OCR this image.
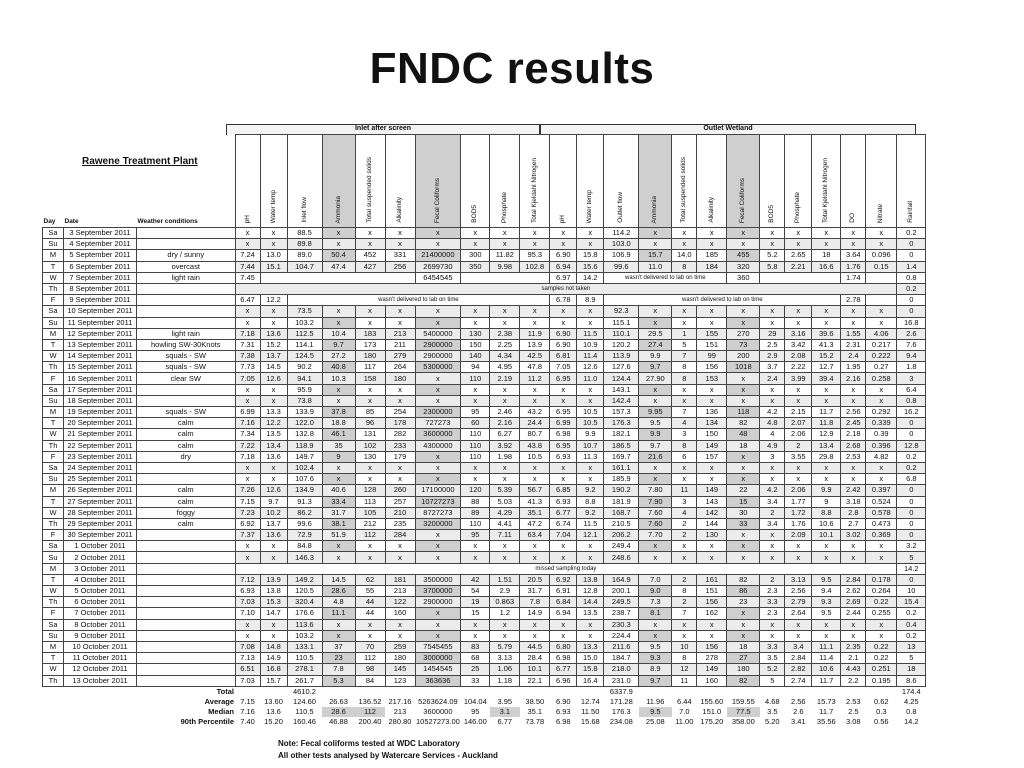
FNDC results
Rawene Treatment Plant
Inlet after screen	Outlet Wetland
Day	Date	Weather conditions	pH	Water temp	Inlet flow	Ammonia	Total suspended solids	Alkalinity	Fecal Coliforms	BOD5	Phosphate	Total Kjeldahl Nitrogen	pH	Water temp	Outlet flow	Ammonia	Total suspended solids	Alkalinity	Fecal Coliforms	BOD5	Phosphate	Total Kjeldahl Nitrogen	DO	Nitrate	Rainfall
Sa	3 September 2011		x	x	88.5	x	x	x	x	x	x	x	x	x	114.2	x	x	x	x	x	x	x	x	x	0.2
Su	4 September 2011		x	x	89.8	x	x	x	x	x	x	x	x	x	103.0	x	x	x	x	x	x	x	x	x	0
M	5 September 2011	dry / sunny	7.24	13.0	89.0	50.4	452	331	21400000	300	11.82	95.3	6.90	15.8	106.9	15.7	14.0	185	455	5.2	2.65	18	3.64	0.096	0
T	6 September 2011	overcast	7.44	15.1	104.7	47.4	427	256	2699730	350	9.98	102.8	6.94	15.6	99.6	11.0	8	184	320	5.8	2.21	16.6	1.76	0.15	1.4
W	7 September 2011	light rain	7.45						6454545				6.97	14.2	wasn't delivered to lab on time				360				1.74		0.8
Th	8 September 2011		samples not taken																						0.2
F	9 September 2011		6.47	12.2	wasn't delivered to lab on time								6.78	8.9	wasn't delivered to lab on time								2.78		0
Sa	10 September 2011		x	x	73.5	x	x	x	x	x	x	x	x	x	92.3	x	x	x	x	x	x	x	x	x	0
Su	11 September 2011		x	x	103.2	x	x	x	x	x	x	x	x	x	115.1	x	x	x	x	x	x	x	x	x	16.8
M	12 September 2011	light rain	7.18	13.6	112.5	10.4	183	213	5400000	130	2.38	11.9	6.90	11.5	110.1	29.5	1	155	270	29	3.16	39.6	1.55	4.06	2.6
T	13 September 2011	howling SW-30Knots	7.31	15.2	114.1	9.7	173	211	2900000	150	2.25	13.9	6.90	10.9	120.2	27.4	5	151	73	2.5	3.42	41.3	2.31	0.217	7.6
W	14 September 2011	squals - SW	7.38	13.7	124.5	27.2	180	279	2900000	140	4.34	42.5	6.81	11.4	113.9	9.9	7	99	200	2.9	2.08	15.2	2.4	0.222	9.4
Th	15 September 2011	squals - SW	7.73	14.5	90.2	40.8	117	264	5300000	94	4.95	47.8	7.05	12.6	127.6	9.7	8	156	1018	3.7	2.22	12.7	1.95	0.27	1.8
F	16 September 2011	clear SW	7.05	12.6	94.1	10.3	158	180	x	110	2.19	11.2	6.95	11.0	124.4	27.90	8	153	x	2.4	3.99	39.4	2.16	0.258	3
Sa	17 September 2011		x	x	95.9	x	x	x	x	x	x	x	x	x	143.1	x	x	x	x	x	x	x	x	x	6.4
Su	18 September 2011		x	x	73.8	x	x	x	x	x	x	x	x	x	142.4	x	x	x	x	x	x	x	x	x	0.8
M	19 September 2011	squals - SW	6.99	13.3	133.9	37.8	85	254	2300000	95	2.46	43.2	6.95	10.5	157.3	9.95	7	136	118	4.2	2.15	11.7	2.56	0.292	16.2
T	20 September 2011	calm	7.16	12.2	122.0	18.8	96	178	727273	60	2.16	24.4	6.99	10.5	176.3	9.5	4	134	82	4.8	2.07	11.8	2.45	0.339	0
W	21 September 2011	calm	7.34	13.5	132.8	46.1	131	282	3600000	110	6.27	80.7	6.98	9.9	182.1	9.9	3	150	48	4	2.06	12.9	2.18	0.39	0
Th	22 September 2011	calm	7.22	13.4	118.9	35	102	233	4300000	110	3.92	43.8	6.95	10.7	186.5	9.7	8	149	18	4.9	2	13.4	2.68	0.396	12.8
F	23 September 2011	dry	7.18	13.6	149.7	9	130	179	x	110	1.98	10.5	6.93	11.3	169.7	21.6	6	157	x	3	3.55	29.8	2.53	4.82	0.2
Sa	24 September 2011		x	x	102.4	x	x	x	x	x	x	x	x	x	161.1	x	x	x	x	x	x	x	x	x	0.2
Su	25 September 2011		x	x	107.6	x	x	x	x	x	x	x	x	x	185.9	x	x	x	x	x	x	x	x	x	6.8
M	26 September 2011	calm	7.26	12.6	134.9	40.6	128	260	17100000	120	5.39	56.7	6.85	9.2	190.2	7.80	11	149	22	4.2	2.06	9.9	2.42	0.397	0
T	27 September 2011	calm	7.15	9.7	91.3	33.4	113	257	10727273	88	5.03	41.3	6.93	8.8	181.9	7.90	3	143	15	3.4	1.77	9	3.18	0.524	0
W	28 September 2011	foggy	7.23	10.2	86.2	31.7	105	210	8727273	89	4.29	35.1	6.77	9.2	168.7	7.60	4	142	30	2	1.72	8.8	2.8	0.578	0
Th	29 September 2011	calm	6.92	13.7	99.6	38.1	212	235	3200000	110	4.41	47.2	6.74	11.5	210.5	7.60	2	144	33	3.4	1.76	10.6	2.7	0.473	0
F	30 September 2011		7.37	13.6	72.9	51.9	112	284	x	95	7.11	63.4	7.04	12.1	206.2	7.70	2	130	x	x	2.09	10.1	3.02	0.369	0
Sa	1 October 2011		x	x	84.8	x	x	x	x	x	x	x	x	x	249.4	x	x	x	x	x	x	x	x	x	3.2
Su	2 October 2011		x	x	146.3	x	x	x	x	x	x	x	x	x	248.6	x	x	x	x	x	x	x	x	x	5
M	3 October 2011		missed sampling today																						14.2
T	4 October 2011		7.12	13.9	149.2	14.5	62	181	3500000	42	1.51	20.5	6.92	13.8	164.9	7.0	2	161	82	2	3.13	9.5	2.84	0.178	0
W	5 October 2011		6.93	13.8	120.5	28.6	55	213	3700000	54	2.9	31.7	6.91	12.8	200.1	9.0	8	151	86	2.3	2.56	9.4	2.62	0.264	10
Th	6 October 2011		7.03	15.3	320.4	4.8	44	122	2900000	19	0.863	7.8	6.84	14.4	249.5	7.3	2	156	23	3.3	2.79	9.3	2.69	0.22	15.4
F	7 October 2011		7.10	14.7	176.6	11.1	44	160	x	15	1.2	14.9	6.94	13.5	238.7	8.1	7	162	x	2.3	2.64	9.5	2.44	0.255	0.2
Sa	8 October 2011		x	x	113.6	x	x	x	x	x	x	x	x	x	230.3	x	x	x	x	x	x	x	x	x	0.4
Su	9 October 2011		x	x	103.2	x	x	x	x	x	x	x	x	x	224.4	x	x	x	x	x	x	x	x	x	0.2
M	10 October 2011		7.08	14.8	133.1	37	70	259	7545455	83	5.79	44.5	6.80	13.3	211.6	9.5	10	156	18	3.3	3.4	11.1	2.35	0.22	13
T	11 October 2011		7.13	14.9	110.5	23	112	180	3000000	68	3.13	28.4	6.98	15.0	184.7	9.3	8	278	27	3.5	2.84	11.4	2.1	0.22	5
W	12 October 2011		6.51	16.8	278.1	7.8	98	145	1454545	25	1.06	10.1	6.77	15.8	218.0	8.9	12	149	180	5.2	2.82	10.6	4.43	0.251	18
Th	13 October 2011		7.03	15.7	261.7	5.3	84	123	363636	33	1.18	22.1	6.96	16.4	231.0	9.7	11	160	82	5	2.74	11.7	2.2	0.195	8.6
Total					4610.2										6337.9										174.4
Average			7.15	13.60	124.60	26.63	136.52	217.16	5263624.09	104.04	3.95	38.50	6.90	12.74	171.28	11.96	6.44	155.60	159.55	4.68	2.56	15.73	2.53	0.62	4.25
Median			7.16	13.6	110.5	28.6	112	213	3600000	95	3.1	35.1	6.93	11.50	176.3	9.5	7.0	151.0	77.5	3.5	2.6	11.7	2.5	0.3	0.8
90th Percentile			7.40	15.20	160.46	46.88	200.40	280.80	10527273.00	146.00	6.77	73.78	6.98	15.68	234.08	25.08	11.00	175.20	358.00	5.20	3.41	35.56	3.08	0.56	14.2
Note: Fecal coliforms tested at WDC Laboratory
All other tests analysed by Watercare Services - Auckland
